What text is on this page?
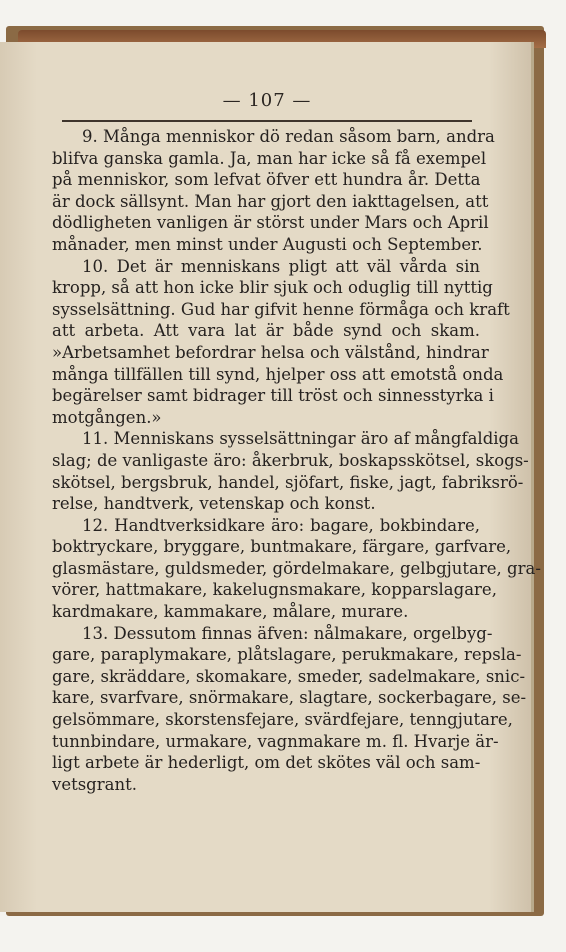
— 107 —
9. Många menniskor dö redan såsom barn, andra
blifva ganska gamla. Ja, man har icke så få exempel
på menniskor, som lefvat öfver ett hundra år. Detta
är dock sällsynt. Man har gjort den iakttagelsen, att
dödligheten vanligen är störst under Mars och April
månader, men minst under Augusti och September.
10. Det är menniskans pligt att väl vårda sin
kropp, så att hon icke blir sjuk och oduglig till nyttig
sysselsättning. Gud har gifvit henne förmåga och kraft
att arbeta. Att vara lat är både synd och skam.
»Arbetsamhet befordrar helsa och välstånd, hindrar
många tillfällen till synd, hjelper oss att emotstå onda
begärelser samt bidrager till tröst och sinnesstyrka i
motgången.»
11. Menniskans sysselsättningar äro af mångfaldiga
slag; de vanligaste äro: åkerbruk, boskapsskötsel, skogs-
skötsel, bergsbruk, handel, sjöfart, fiske, jagt, fabriksrö-
relse, handtverk, vetenskap och konst.
12. Handtverksidkare äro: bagare, bokbindare,
boktryckare, bryggare, buntmakare, färgare, garfvare,
glasmästare, guldsmeder, gördelmakare, gelbgjutare, gra-
vörer, hattmakare, kakelugnsmakare, kopparslagare,
kardmakare, kammakare, målare, murare.
13. Dessutom finnas äfven: nålmakare, orgelbyg-
gare, paraplymakare, plåtslagare, perukmakare, repsla-
gare, skräddare, skomakare, smeder, sadelmakare, snic-
kare, svarfvare, snörmakare, slagtare, sockerbagare, se-
gelsömmare, skorstensfejare, svärdfejare, tenngjutare,
tunnbindare, urmakare, vagnmakare m. fl. Hvarje är-
ligt arbete är hederligt, om det skötes väl och sam-
vetsgrant.
